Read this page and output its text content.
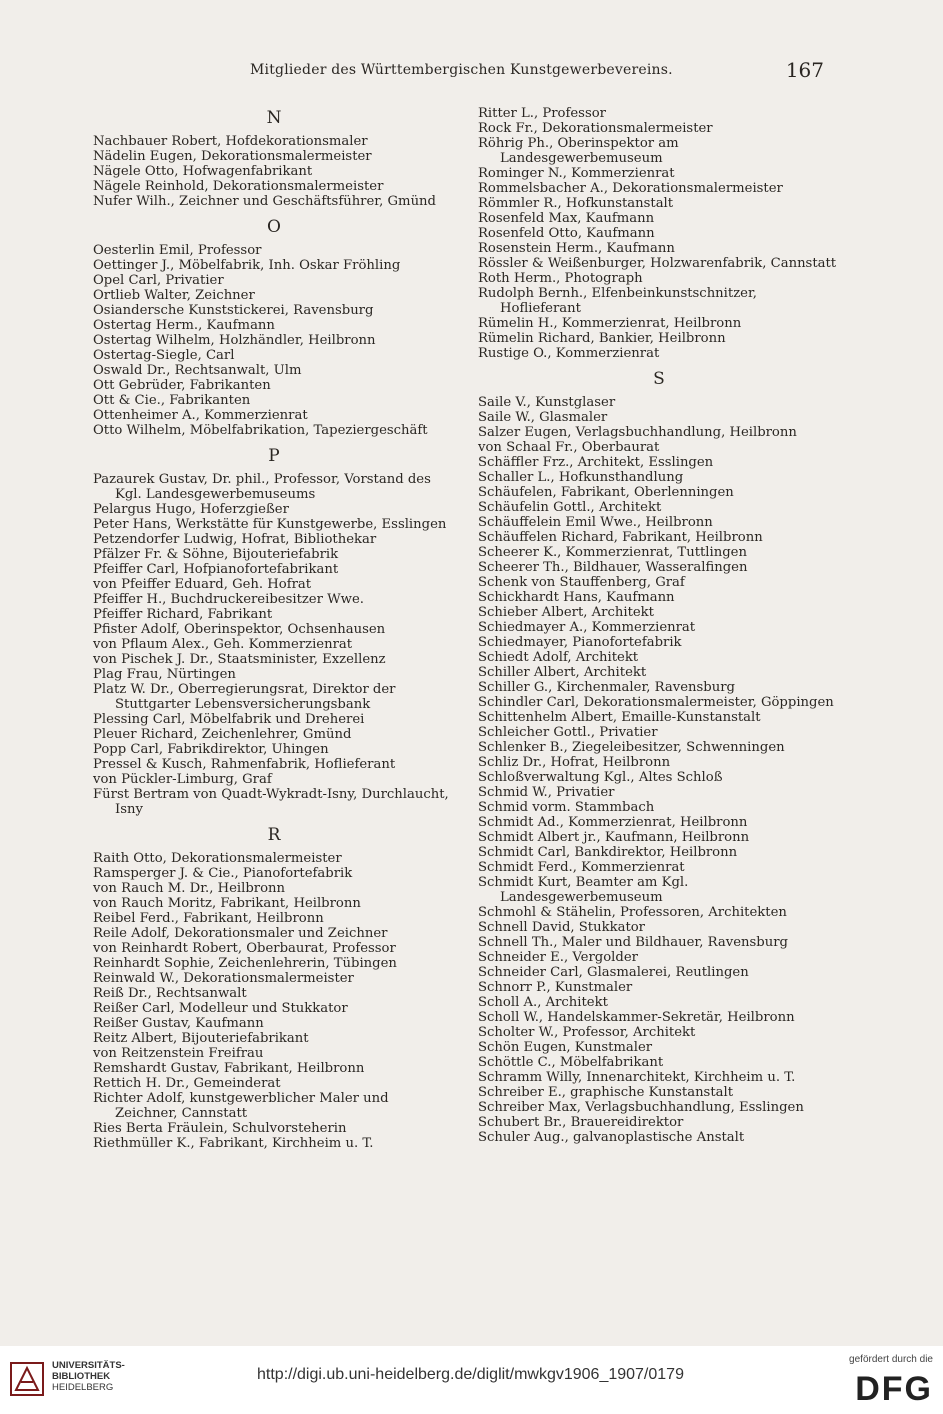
Mitglieder des Württembergischen Kunstgewerbevereins.	167
N
Nachbauer Robert, Hofdekorationsmaler
Nädelin Eugen, Dekorationsmalermeister
Nägele Otto, Hofwagenfabrikant
Nägele Reinhold, Dekorationsmalermeister
Nufer Wilh., Zeichner und Geschäftsführer, Gmünd
O
Oesterlin Emil, Professor
Oettinger J., Möbelfabrik, Inh. Oskar Fröhling
Opel Carl, Privatier
Ortlieb Walter, Zeichner
Osiandersche Kunststickerei, Ravensburg
Ostertag Herm., Kaufmann
Ostertag Wilhelm, Holzhändler, Heilbronn
Ostertag-Siegle, Carl
Oswald Dr., Rechtsanwalt, Ulm
Ott Gebrüder, Fabrikanten
Ott & Cie., Fabrikanten
Ottenheimer A., Kommerzienrat
Otto Wilhelm, Möbelfabrikation, Tapeziergeschäft
P
Pazaurek Gustav, Dr. phil., Professor, Vorstand des Kgl. Landesgewerbemuseums
Pelargus Hugo, Hoferzgießer
Peter Hans, Werkstätte für Kunstgewerbe, Esslingen
Petzendorfer Ludwig, Hofrat, Bibliothekar
Pfälzer Fr. & Söhne, Bijouteriefabrik
Pfeiffer Carl, Hofpianofortefabrikant
von Pfeiffer Eduard, Geh. Hofrat
Pfeiffer H., Buchdruckereibesitzer Wwe.
Pfeiffer Richard, Fabrikant
Pfister Adolf, Oberinspektor, Ochsenhausen
von Pflaum Alex., Geh. Kommerzienrat
von Pischek J. Dr., Staatsminister, Exzellenz
Plag Frau, Nürtingen
Platz W. Dr., Oberregierungsrat, Direktor der Stuttgarter Lebensversicherungsbank
Plessing Carl, Möbelfabrik und Dreherei
Pleuer Richard, Zeichenlehrer, Gmünd
Popp Carl, Fabrikdirektor, Uhingen
Pressel & Kusch, Rahmenfabrik, Hoflieferant
von Pückler-Limburg, Graf
Fürst Bertram von Quadt-Wykradt-Isny, Durchlaucht, Isny
R
Raith Otto, Dekorationsmalermeister
Ramsperger J. & Cie., Pianofortefabrik
von Rauch M. Dr., Heilbronn
von Rauch Moritz, Fabrikant, Heilbronn
Reibel Ferd., Fabrikant, Heilbronn
Reile Adolf, Dekorationsmaler und Zeichner
von Reinhardt Robert, Oberbaurat, Professor
Reinhardt Sophie, Zeichenlehrerin, Tübingen
Reinwald W., Dekorationsmalermeister
Reiß Dr., Rechtsanwalt
Reißer Carl, Modelleur und Stukkator
Reißer Gustav, Kaufmann
Reitz Albert, Bijouteriefabrikant
von Reitzenstein Freifrau
Remshardt Gustav, Fabrikant, Heilbronn
Rettich H. Dr., Gemeinderat
Richter Adolf, kunstgewerblicher Maler und Zeichner, Cannstatt
Ries Berta Fräulein, Schulvorsteherin
Riethmüller K., Fabrikant, Kirchheim u. T.
Ritter L., Professor
Rock Fr., Dekorationsmalermeister
Röhrig Ph., Oberinspektor am Landesgewerbemuseum
Rominger N., Kommerzienrat
Rommelsbacher A., Dekorationsmalermeister
Römmler R., Hofkunstanstalt
Rosenfeld Max, Kaufmann
Rosenfeld Otto, Kaufmann
Rosenstein Herm., Kaufmann
Rössler & Weißenburger, Holzwarenfabrik, Cannstatt
Roth Herm., Photograph
Rudolph Bernh., Elfenbeinkunstschnitzer, Hoflieferant
Rümelin H., Kommerzienrat, Heilbronn
Rümelin Richard, Bankier, Heilbronn
Rustige O., Kommerzienrat
S
Saile V., Kunstglaser
Saile W., Glasmaler
Salzer Eugen, Verlagsbuchhandlung, Heilbronn
von Schaal Fr., Oberbaurat
Schäffler Frz., Architekt, Esslingen
Schaller L., Hofkunsthandlung
Schäufelen, Fabrikant, Oberlenningen
Schäufelin Gottl., Architekt
Schäuffelein Emil Wwe., Heilbronn
Schäuffelen Richard, Fabrikant, Heilbronn
Scheerer K., Kommerzienrat, Tuttlingen
Scheerer Th., Bildhauer, Wasseralfingen
Schenk von Stauffenberg, Graf
Schickhardt Hans, Kaufmann
Schieber Albert, Architekt
Schiedmayer A., Kommerzienrat
Schiedmayer, Pianofortefabrik
Schiedt Adolf, Architekt
Schiller Albert, Architekt
Schiller G., Kirchenmaler, Ravensburg
Schindler Carl, Dekorationsmalermeister, Göppingen
Schittenhelm Albert, Emaille-Kunstanstalt
Schleicher Gottl., Privatier
Schlenker B., Ziegeleibesitzer, Schwenningen
Schliz Dr., Hofrat, Heilbronn
Schloßverwaltung Kgl., Altes Schloß
Schmid W., Privatier
Schmid vorm. Stammbach
Schmidt Ad., Kommerzienrat, Heilbronn
Schmidt Albert jr., Kaufmann, Heilbronn
Schmidt Carl, Bankdirektor, Heilbronn
Schmidt Ferd., Kommerzienrat
Schmidt Kurt, Beamter am Kgl. Landesgewerbemuseum
Schmohl & Stähelin, Professoren, Architekten
Schnell David, Stukkator
Schnell Th., Maler und Bildhauer, Ravensburg
Schneider E., Vergolder
Schneider Carl, Glasmalerei, Reutlingen
Schnorr P., Kunstmaler
Scholl A., Architekt
Scholl W., Handelskammer-Sekretär, Heilbronn
Scholter W., Professor, Architekt
Schön Eugen, Kunstmaler
Schöttle C., Möbelfabrikant
Schramm Willy, Innenarchitekt, Kirchheim u. T.
Schreiber E., graphische Kunstanstalt
Schreiber Max, Verlagsbuchhandlung, Esslingen
Schubert Br., Brauereidirektor
Schuler Aug., galvanoplastische Anstalt
UNIVERSITÄTS-
BIBLIOTHEK
HEIDELBERG
http://digi.ub.uni-heidelberg.de/diglit/mwkgv1906_1907/0179
gefördert durch die
DFG
